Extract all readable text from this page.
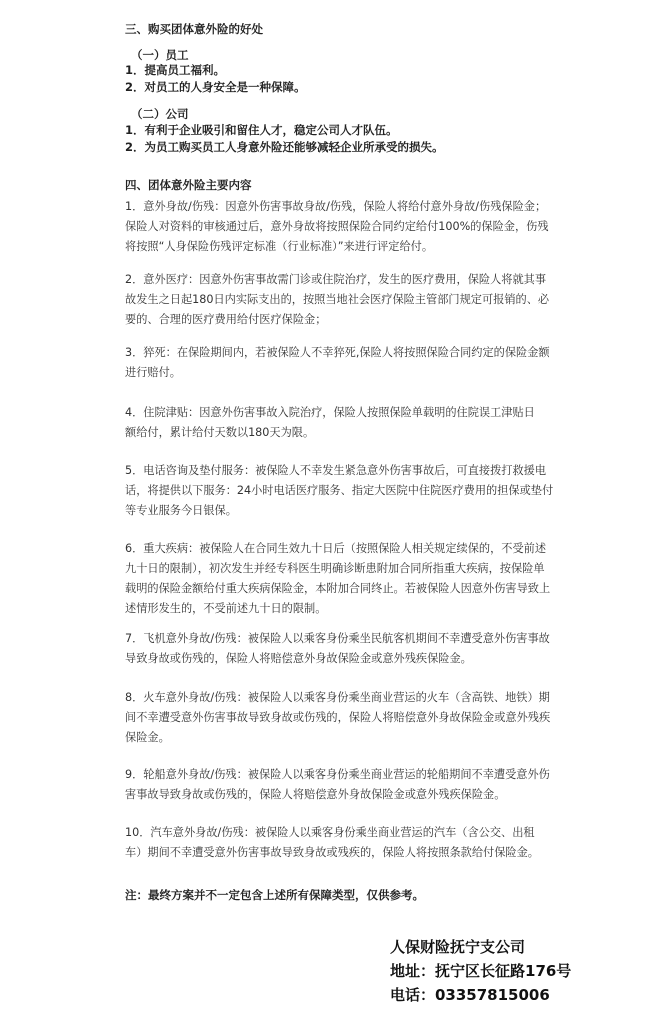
三、购买团体意外险的好处
（一）员工
1．提高员工福利。
2．对员工的人身安全是一种保障。
（二）公司
1．有利于企业吸引和留住人才，稳定公司人才队伍。
2．为员工购买员工人身意外险还能够减轻企业所承受的损失。
四、团体意外险主要内容
1．意外身故/伤残：因意外伤害事故身故/伤残，保险人将给付意外身故/伤残保险金；
保险人对资料的审核通过后，意外身故将按照保险合同约定给付100%的保险金，伤残
将按照“人身保险伤残评定标准（行业标准）”来进行评定给付。
2．意外医疗：因意外伤害事故需门诊或住院治疗，发生的医疗费用，保险人将就其事
故发生之日起180日内实际支出的，按照当地社会医疗保险主管部门规定可报销的、必
要的、合理的医疗费用给付医疗保险金；
3．猝死：在保险期间内，若被保险人不幸猝死,保险人将按照保险合同约定的保险金额
进行赔付。
4．住院津贴：因意外伤害事故入院治疗，保险人按照保险单载明的住院误工津贴日
额给付，累计给付天数以180天为限。
5．电话咨询及垫付服务：被保险人不幸发生紧急意外伤害事故后，可直接拨打救援电
话，将提供以下服务：24小时电话医疗服务、指定大医院中住院医疗费用的担保或垫付
等专业服务今日银保。
6．重大疾病：被保险人在合同生效九十日后（按照保险人相关规定续保的，不受前述
九十日的限制），初次发生并经专科医生明确诊断患附加合同所指重大疾病，按保险单
载明的保险金额给付重大疾病保险金，本附加合同终止。若被保险人因意外伤害导致上
述情形发生的，不受前述九十日的限制。
7．飞机意外身故/伤残：被保险人以乘客身份乘坐民航客机期间不幸遭受意外伤害事故
导致身故或伤残的，保险人将赔偿意外身故保险金或意外残疾保险金。
8．火车意外身故/伤残：被保险人以乘客身份乘坐商业营运的火车（含高铁、地铁）期
间不幸遭受意外伤害事故导致身故或伤残的，保险人将赔偿意外身故保险金或意外残疾
保险金。
9．轮船意外身故/伤残：被保险人以乘客身份乘坐商业营运的轮船期间不幸遭受意外伤
害事故导致身故或伤残的，保险人将赔偿意外身故保险金或意外残疾保险金。
10．汽车意外身故/伤残：被保险人以乘客身份乘坐商业营运的汽车（含公交、出租
车）期间不幸遭受意外伤害事故导致身故或残疾的，保险人将按照条款给付保险金。
注：最终方案并不一定包含上述所有保障类型，仅供参考。
人保财险抚宁支公司
地址：抚宁区长征路176号
电话：03357815006
